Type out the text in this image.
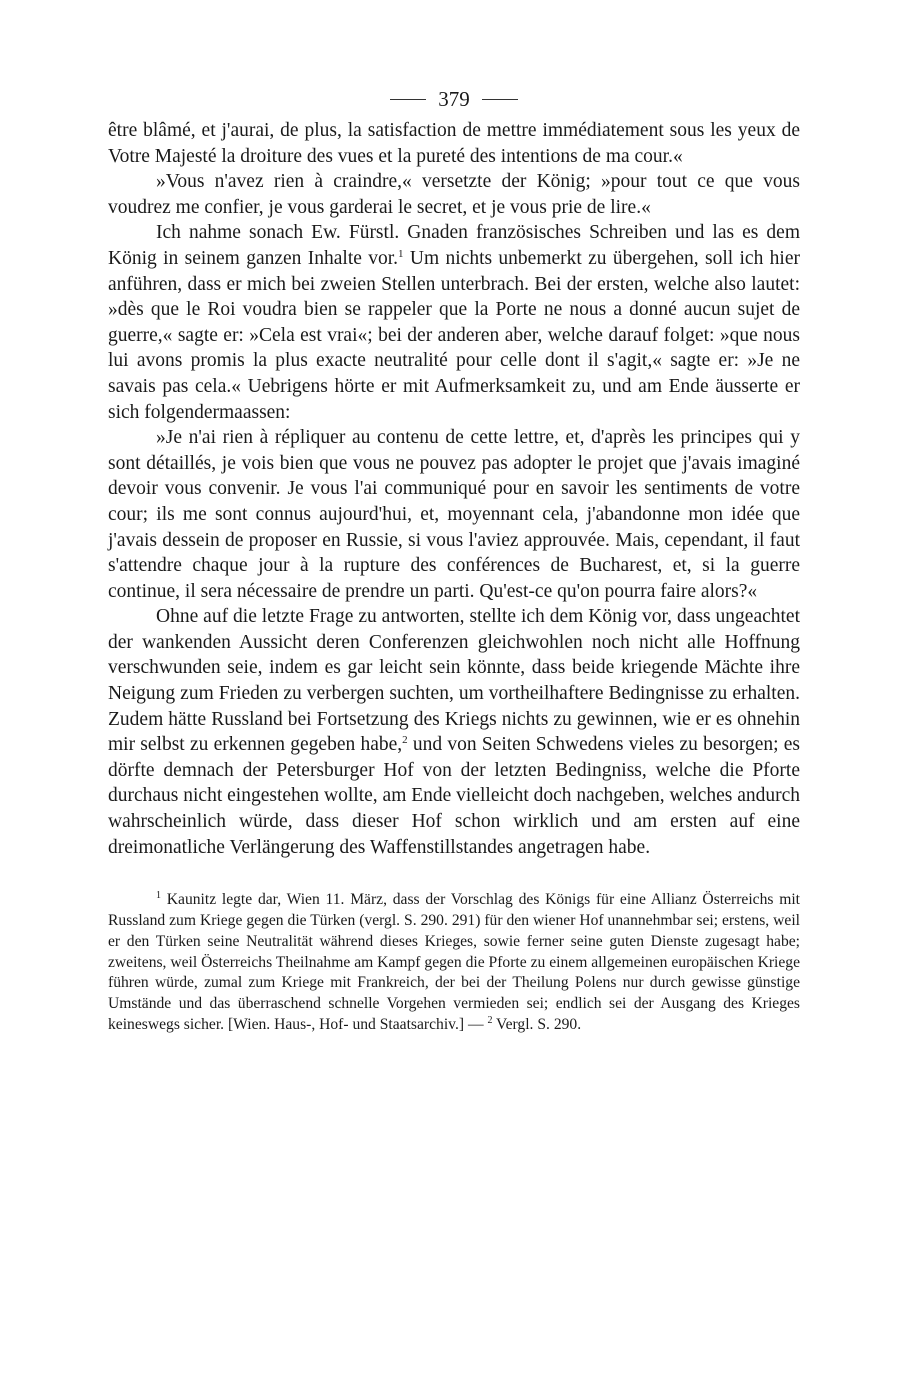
379

être blâmé, et j'aurai, de plus, la satisfaction de mettre immédiatement sous les yeux de Votre Majesté la droiture des vues et la pureté des intentions de ma cour.«

»Vous n'avez rien à craindre,« versetzte der König; »pour tout ce que vous voudrez me confier, je vous garderai le secret, et je vous prie de lire.«

Ich nahme sonach Ew. Fürstl. Gnaden französisches Schreiben und las es dem König in seinem ganzen Inhalte vor.$^1$ Um nichts unbemerkt zu übergehen, soll ich hier anführen, dass er mich bei zweien Stellen unterbrach. Bei der ersten, welche also lautet: »dès que le Roi voudra bien se rappeler que la Porte ne nous a donné aucun sujet de guerre,« sagte er: »Cela est vrai«; bei der anderen aber, welche darauf folget: »que nous lui avons promis la plus exacte neutralité pour celle dont il s'agit,« sagte er: »Je ne savais pas cela.« Uebrigens hörte er mit Aufmerksamkeit zu, und am Ende äusserte er sich folgendermaassen:

»Je n'ai rien à répliquer au contenu de cette lettre, et, d'après les principes qui y sont détaillés, je vois bien que vous ne pouvez pas adopter le projet que j'avais imaginé devoir vous convenir. Je vous l'ai communiqué pour en savoir les sentiments de votre cour; ils me sont connus aujourd'hui, et, moyennant cela, j'abandonne mon idée que j'avais dessein de proposer en Russie, si vous l'aviez approuvée. Mais, cependant, il faut s'attendre chaque jour à la rupture des conférences de Bucharest, et, si la guerre continue, il sera nécessaire de prendre un parti. Qu'est-ce qu'on pourra faire alors?«

Ohne auf die letzte Frage zu antworten, stellte ich dem König vor, dass ungeachtet der wankenden Aussicht deren Conferenzen gleichwohlen noch nicht alle Hoffnung verschwunden seie, indem es gar leicht sein könnte, dass beide kriegende Mächte ihre Neigung zum Frieden zu verbergen suchten, um vortheilhaftere Bedingnisse zu erhalten. Zudem hätte Russland bei Fortsetzung des Kriegs nichts zu gewinnen, wie er es ohnehin mir selbst zu erkennen gegeben habe,$^2$ und von Seiten Schwedens vieles zu besorgen; es dörfte demnach der Petersburger Hof von der letzten Bedingniss, welche die Pforte durchaus nicht eingestehen wollte, am Ende vielleicht doch nachgeben, welches andurch wahrscheinlich würde, dass dieser Hof schon wirklich und am ersten auf eine dreimonatliche Verlängerung des Waffenstillstandes angetragen habe.

$^1$ Kaunitz legte dar, Wien 11. März, dass der Vorschlag des Königs für eine Allianz Österreichs mit Russland zum Kriege gegen die Türken (vergl. S. 290. 291) für den wiener Hof unannehmbar sei; erstens, weil er den Türken seine Neutralität während dieses Krieges, sowie ferner seine guten Dienste zugesagt habe; zweitens, weil Österreichs Theilnahme am Kampf gegen die Pforte zu einem allgemeinen europäischen Kriege führen würde, zumal zum Kriege mit Frankreich, der bei der Theilung Polens nur durch gewisse günstige Umstände und das überraschend schnelle Vorgehen vermieden sei; endlich sei der Ausgang des Krieges keineswegs sicher. [Wien. Haus-, Hof- und Staatsarchiv.] — $^2$ Vergl. S. 290.
